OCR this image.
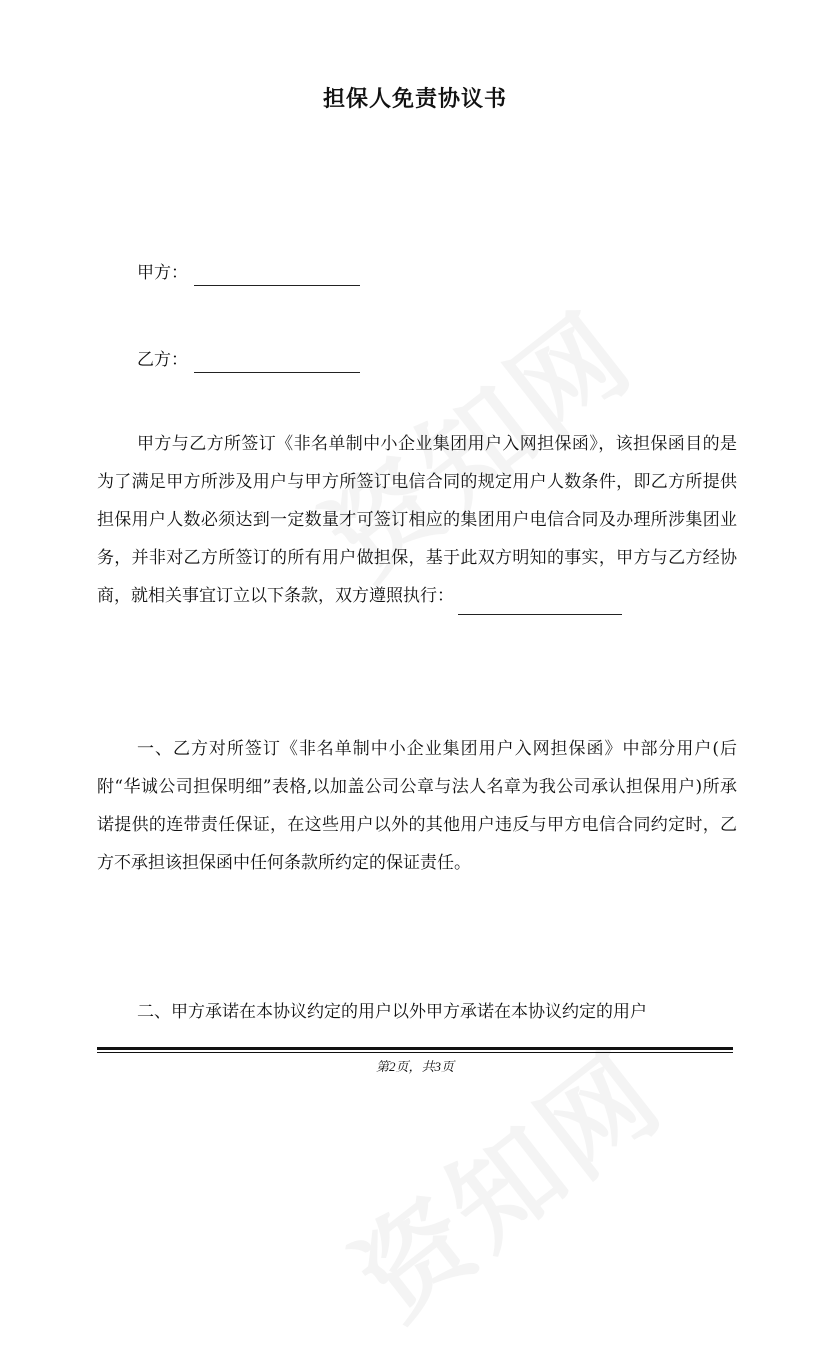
担保人免责协议书
甲方：
乙方：

甲方与乙方所签订《非名单制中小企业集团用户入网担保函》，该担保函目的是为了满足甲方所涉及用户与甲方所签订电信合同的规定用户人数条件，即乙方所提供担保用户人数必须达到一定数量才可签订相应的集团用户电信合同及办理所涉集团业务，并非对乙方所签订的所有用户做担保，基于此双方明知的事实，甲方与乙方经协商，就相关事宜订立以下条款，双方遵照执行：

一、乙方对所签订《非名单制中小企业集团用户入网担保函》中部分用户(后附“华诚公司担保明细”表格,以加盖公司公章与法人名章为我公司承认担保用户)所承诺提供的连带责任保证，在这些用户以外的其他用户违反与甲方电信合同约定时，乙方不承担该担保函中任何条款所约定的保证责任。

二、甲方承诺在本协议约定的用户以外甲方承诺在本协议约定的用户

第2页，共3页
